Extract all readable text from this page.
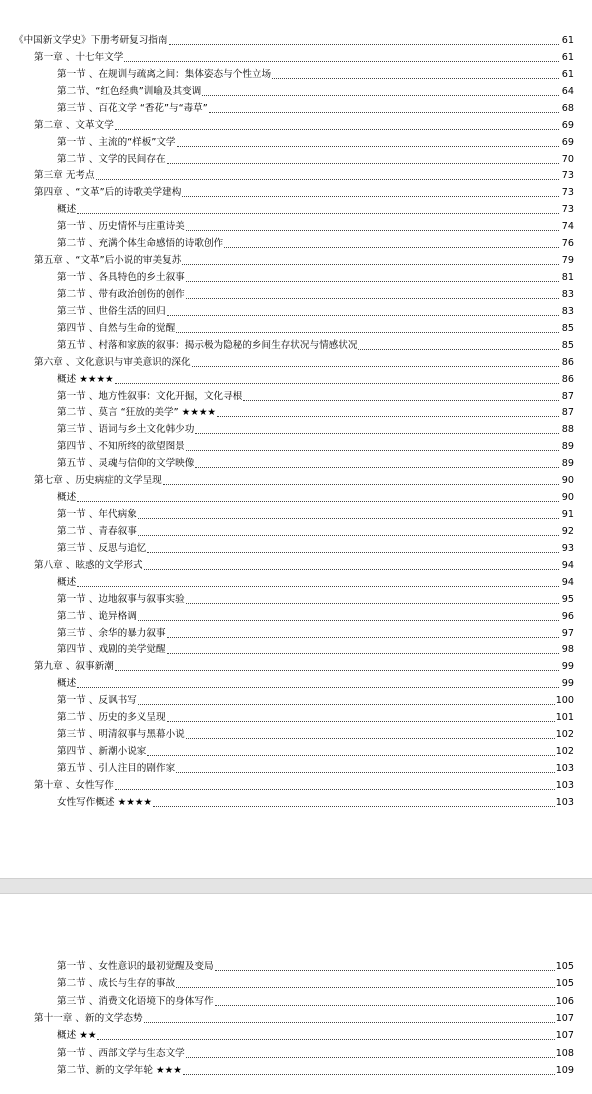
《中国新文学史》下册考研复习指南	61
第一章 、十七年文学	61
第一节 、在规训与疏离之间：集体姿态与个性立场	61
第二节、“红色经典”训喻及其变调	64
第三节 、百花文学 “香花”与“毒草”	68
第二章 、文革文学	69
第一节 、主流的“样板”文学	69
第二节 、文学的民间存在	70
第三章 无考点	73
第四章 、“文革”后的诗歌美学建构	73
概述	73
第一节 、历史情怀与庄重诗美	74
第二节 、充满个体生命感悟的诗歌创作	76
第五章 、“文革”后小说的审美复苏	79
第一节 、各具特色的乡土叙事	81
第二节 、带有政治创伤的创作	83
第三节 、世俗生活的回归	83
第四节 、自然与生命的觉醒	85
第五节 、村落和家族的叙事：揭示极为隐秘的乡间生存状况与情感状况	85
第六章 、文化意识与审美意识的深化	86
概述 ★★★★	86
第一节 、地方性叙事：文化开掘，文化寻根	87
第二节 、莫言 “狂放的美学” ★★★★	87
第三节 、语词与乡土文化韩少功	88
第四节 、不知所终的欲望图景	89
第五节 、灵魂与信仰的文学映像	89
第七章 、历史病症的文学呈现	90
概述	90
第一节 、年代病象	91
第二节 、青春叙事	92
第三节 、反思与追忆	93
第八章 、眩惑的文学形式	94
概述	94
第一节 、边地叙事与叙事实验	95
第二节 、诡异格调	96
第三节 、余华的暴力叙事	97
第四节 、戏剧的美学觉醒	98
第九章 、叙事新潮	99
概述	99
第一节 、反讽书写	100
第二节 、历史的多义呈现	101
第三节 、明清叙事与黑幕小说	102
第四节 、新潮小说家	102
第五节 、引人注目的剧作家	103
第十章 、女性写作	103
女性写作概述 ★★★★	103
第一节 、女性意识的最初觉醒及变局	105
第二节 、成长与生存的事故	105
第三节 、消费文化语境下的身体写作	106
第十一章 、新的文学态势	107
概述 ★★	107
第一节 、西部文学与生态文学	108
第二节、新的文学年轮 ★★★	109
